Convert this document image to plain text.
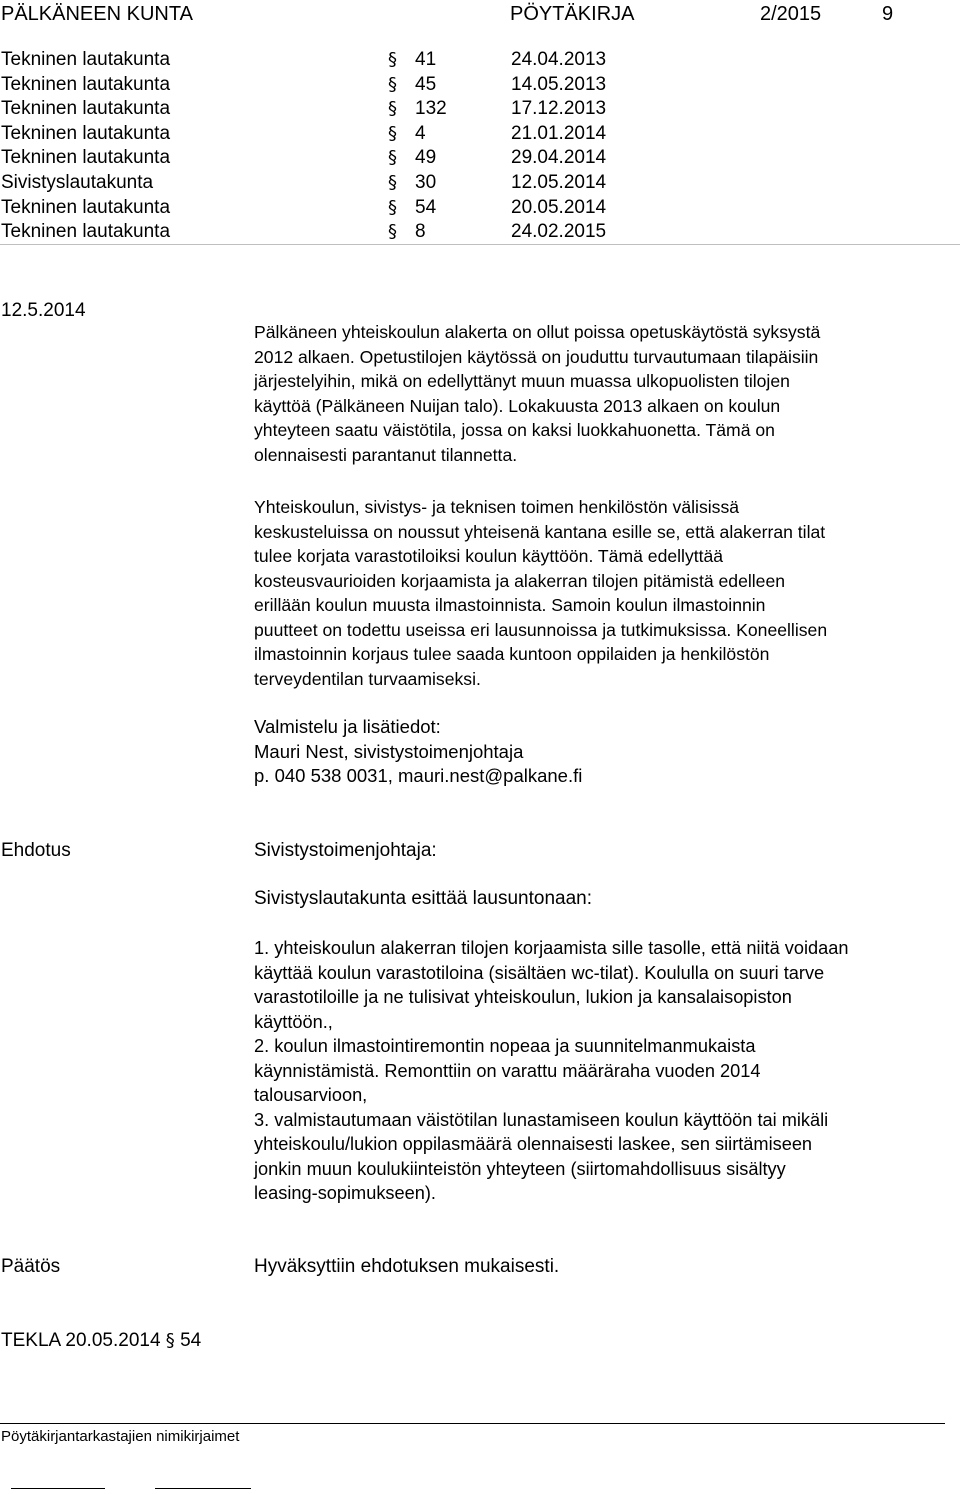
PÄLKÄNEEN KUNTA	PÖYTÄKIRJA	2/2015	9
Tekninen lautakunta	§ 41	24.04.2013
Tekninen lautakunta	§ 45	14.05.2013
Tekninen lautakunta	§ 132	17.12.2013
Tekninen lautakunta	§ 4	21.01.2014
Tekninen lautakunta	§ 49	29.04.2014
Sivistyslautakunta	§ 30	12.05.2014
Tekninen lautakunta	§ 54	20.05.2014
Tekninen lautakunta	§ 8	24.02.2015
12.5.2014

Pälkäneen yhteiskoulun alakerta on ollut poissa opetuskäytöstä syksystä
2012 alkaen. Opetustilojen käytössä on jouduttu turvautumaan tilapäisiin
järjestelyihin, mikä on edellyttänyt muun muassa ulkopuolisten tilojen
käyttöä (Pälkäneen Nuijan talo). Lokakuusta 2013 alkaen on koulun
yhteyteen saatu väistötila, jossa on kaksi luokkahuonetta. Tämä on
olennaisesti parantanut tilannetta.

Yhteiskoulun, sivistys- ja teknisen toimen henkilöstön välisissä
keskusteluissa on noussut yhteisenä kantana esille se, että alakerran tilat
tulee korjata varastotiloiksi koulun käyttöön. Tämä edellyttää
kosteusvaurioiden korjaamista ja alakerran tilojen pitämistä edelleen
erillään koulun muusta ilmastoinnista. Samoin koulun ilmastoinnin
puutteet on todettu useissa eri lausunnoissa ja tutkimuksissa. Koneellisen
ilmastoinnin korjaus tulee saada kuntoon oppilaiden ja henkilöstön
terveydentilan turvaamiseksi.

Valmistelu ja lisätiedot:
Mauri Nest, sivistystoimenjohtaja
p. 040 538 0031, mauri.nest@palkane.fi

Ehdotus	Sivistystoimenjohtaja:
Sivistyslautakunta esittää lausuntonaan:

1. yhteiskoulun alakerran tilojen korjaamista sille tasolle, että niitä voidaan
käyttää koulun varastotiloina (sisältäen wc-tilat). Koululla on suuri tarve
varastotiloille ja ne tulisivat yhteiskoulun, lukion ja kansalaisopiston
käyttöön.,
2. koulun ilmastointiremontin nopeaa ja suunnitelmanmukaista
käynnistämistä. Remonttiin on varattu määräraha vuoden 2014
talousarvioon,
3. valmistautumaan väistötilan lunastamiseen koulun käyttöön tai mikäli
yhteiskoulu/lukion oppilasmäärä olennaisesti laskee, sen siirtämiseen
jonkin muun koulukiinteistön yhteyteen (siirtomahdollisuus sisältyy
leasing-sopimukseen).

Päätös	Hyväksyttiin ehdotuksen mukaisesti.
TEKLA 20.05.2014 § 54
Pöytäkirjantarkastajien nimikirjaimet
